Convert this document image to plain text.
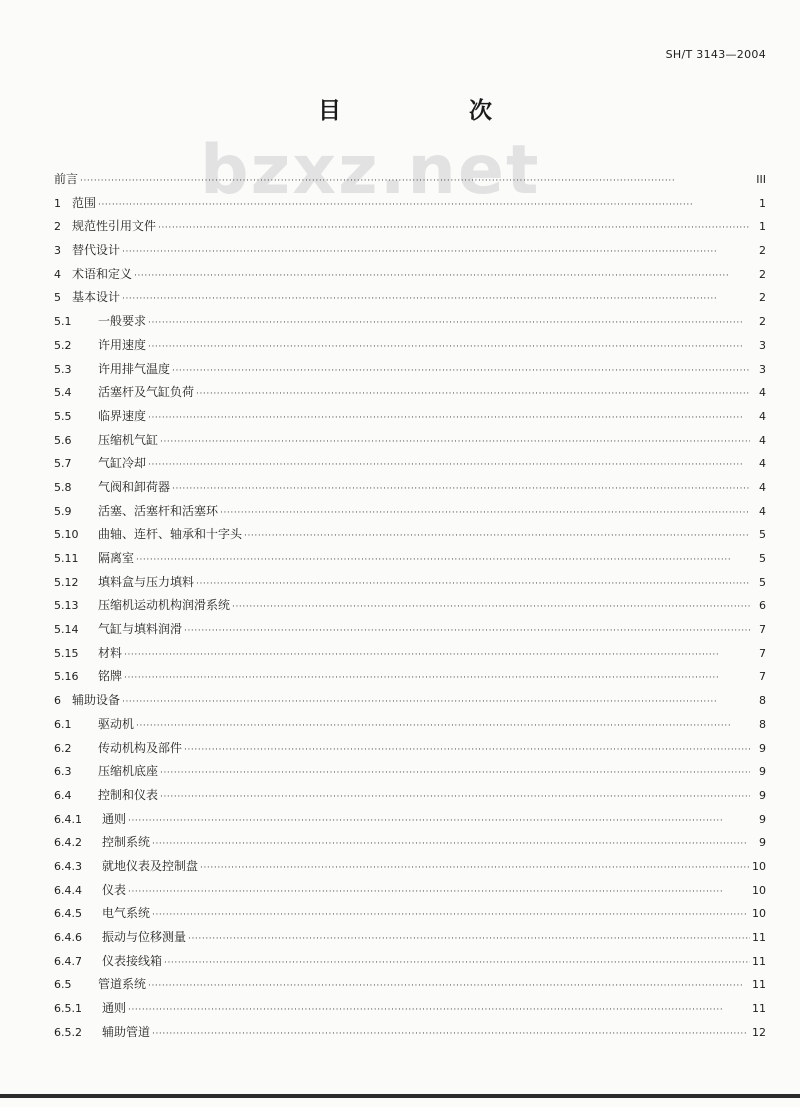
SH/T 3143—2004
bzxz.net
目	次
前言 ·····	III
1 范围 ·····	1
2 规范性引用文件 ·····	1
3 替代设计 ·····	2
4 术语和定义 ·····	2
5 基本设计 ·····	2
5.1	一般要求 ·····	2
5.2	许用速度 ·····	3
5.3	许用排气温度 ·····	3
5.4	活塞杆及气缸负荷 ·····	4
5.5	临界速度 ·····	4
5.6	压缩机气缸 ·····	4
5.7	气缸冷却 ·····	4
5.8	气阀和卸荷器 ·····	4
5.9	活塞、活塞杆和活塞环 ·····	4
5.10	曲轴、连杆、轴承和十字头 ·····	5
5.11	隔离室 ·····	5
5.12	填料盒与压力填料 ·····	5
5.13	压缩机运动机构润滑系统 ·····	6
5.14	气缸与填料润滑 ·····	7
5.15	材料 ·····	7
5.16	铭牌 ·····	7
6 辅助设备 ·····	8
6.1	驱动机 ·····	8
6.2	传动机构及部件 ·····	9
6.3	压缩机底座 ·····	9
6.4	控制和仪表 ·····	9
6.4.1	通则 ·····	9
6.4.2	控制系统 ·····	9
6.4.3	就地仪表及控制盘 ·····	10
6.4.4	仪表 ·····	10
6.4.5	电气系统 ·····	10
6.4.6	振动与位移测量 ·····	11
6.4.7	仪表接线箱 ·····	11
6.5	管道系统 ·····	11
6.5.1	通则 ·····	11
6.5.2	辅助管道 ·····	12
